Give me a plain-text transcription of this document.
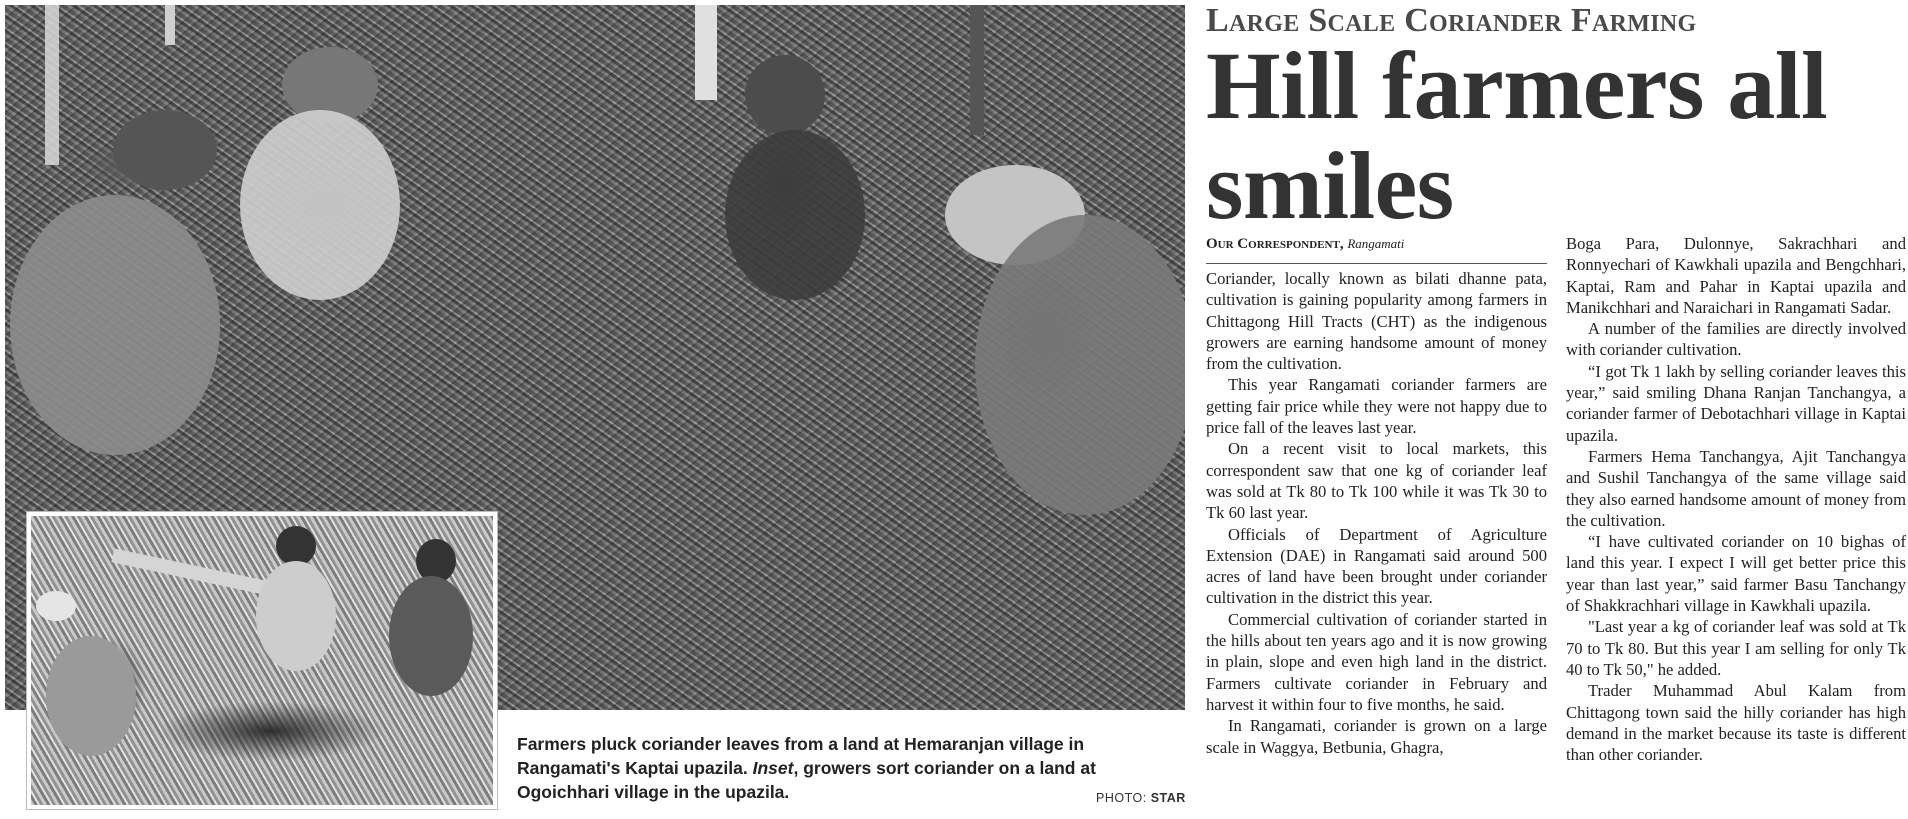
Farmers pluck coriander leaves from a land at Hemaranjan village in Rangamati's Kaptai upazila. Inset, growers sort coriander on a land at Ogoichhari village in the upazila.	PHOTO: STAR
Large Scale Coriander Farming
Hill farmers all smiles
Our Correspondent, Rangamati

Coriander, locally known as bilati dhanne pata, cultivation is gaining popularity among farmers in Chittagong Hill Tracts (CHT) as the indigenous growers are earning handsome amount of money from the cultivation.

This year Rangamati coriander farmers are getting fair price while they were not happy due to price fall of the leaves last year.

On a recent visit to local markets, this correspondent saw that one kg of coriander leaf was sold at Tk 80 to Tk 100 while it was Tk 30 to Tk 60 last year.

Officials of Department of Agriculture Extension (DAE) in Rangamati said around 500 acres of land have been brought under coriander cultivation in the district this year.

Commercial cultivation of coriander started in the hills about ten years ago and it is now growing in plain, slope and even high land in the district. Farmers cultivate coriander in February and harvest it within four to five months, he said.

In Rangamati, coriander is grown on a large scale in Waggya, Betbunia, Ghagra,

Boga Para, Dulonnye, Sakrachhari and Ronnyechari of Kawkhali upazila and Bengchhari, Kaptai, Ram and Pahar in Kaptai upazila and Manikchhari and Naraichari in Rangamati Sadar.

A number of the families are directly involved with coriander cultivation.

“I got Tk 1 lakh by selling coriander leaves this year,” said smiling Dhana Ranjan Tanchangya, a coriander farmer of Debotachhari village in Kaptai upazila.

Farmers Hema Tanchangya, Ajit Tanchangya and Sushil Tanchangya of the same village said they also earned handsome amount of money from the cultivation.

“I have cultivated coriander on 10 bighas of land this year. I expect I will get better price this year than last year,” said farmer Basu Tanchangy of Shakkrachhari village in Kawkhali upazila.

"Last year a kg of coriander leaf was sold at Tk 70 to Tk 80. But this year I am selling for only Tk 40 to Tk 50," he added.

Trader Muhammad Abul Kalam from Chittagong town said the hilly coriander has high demand in the market because its taste is different than other coriander.
